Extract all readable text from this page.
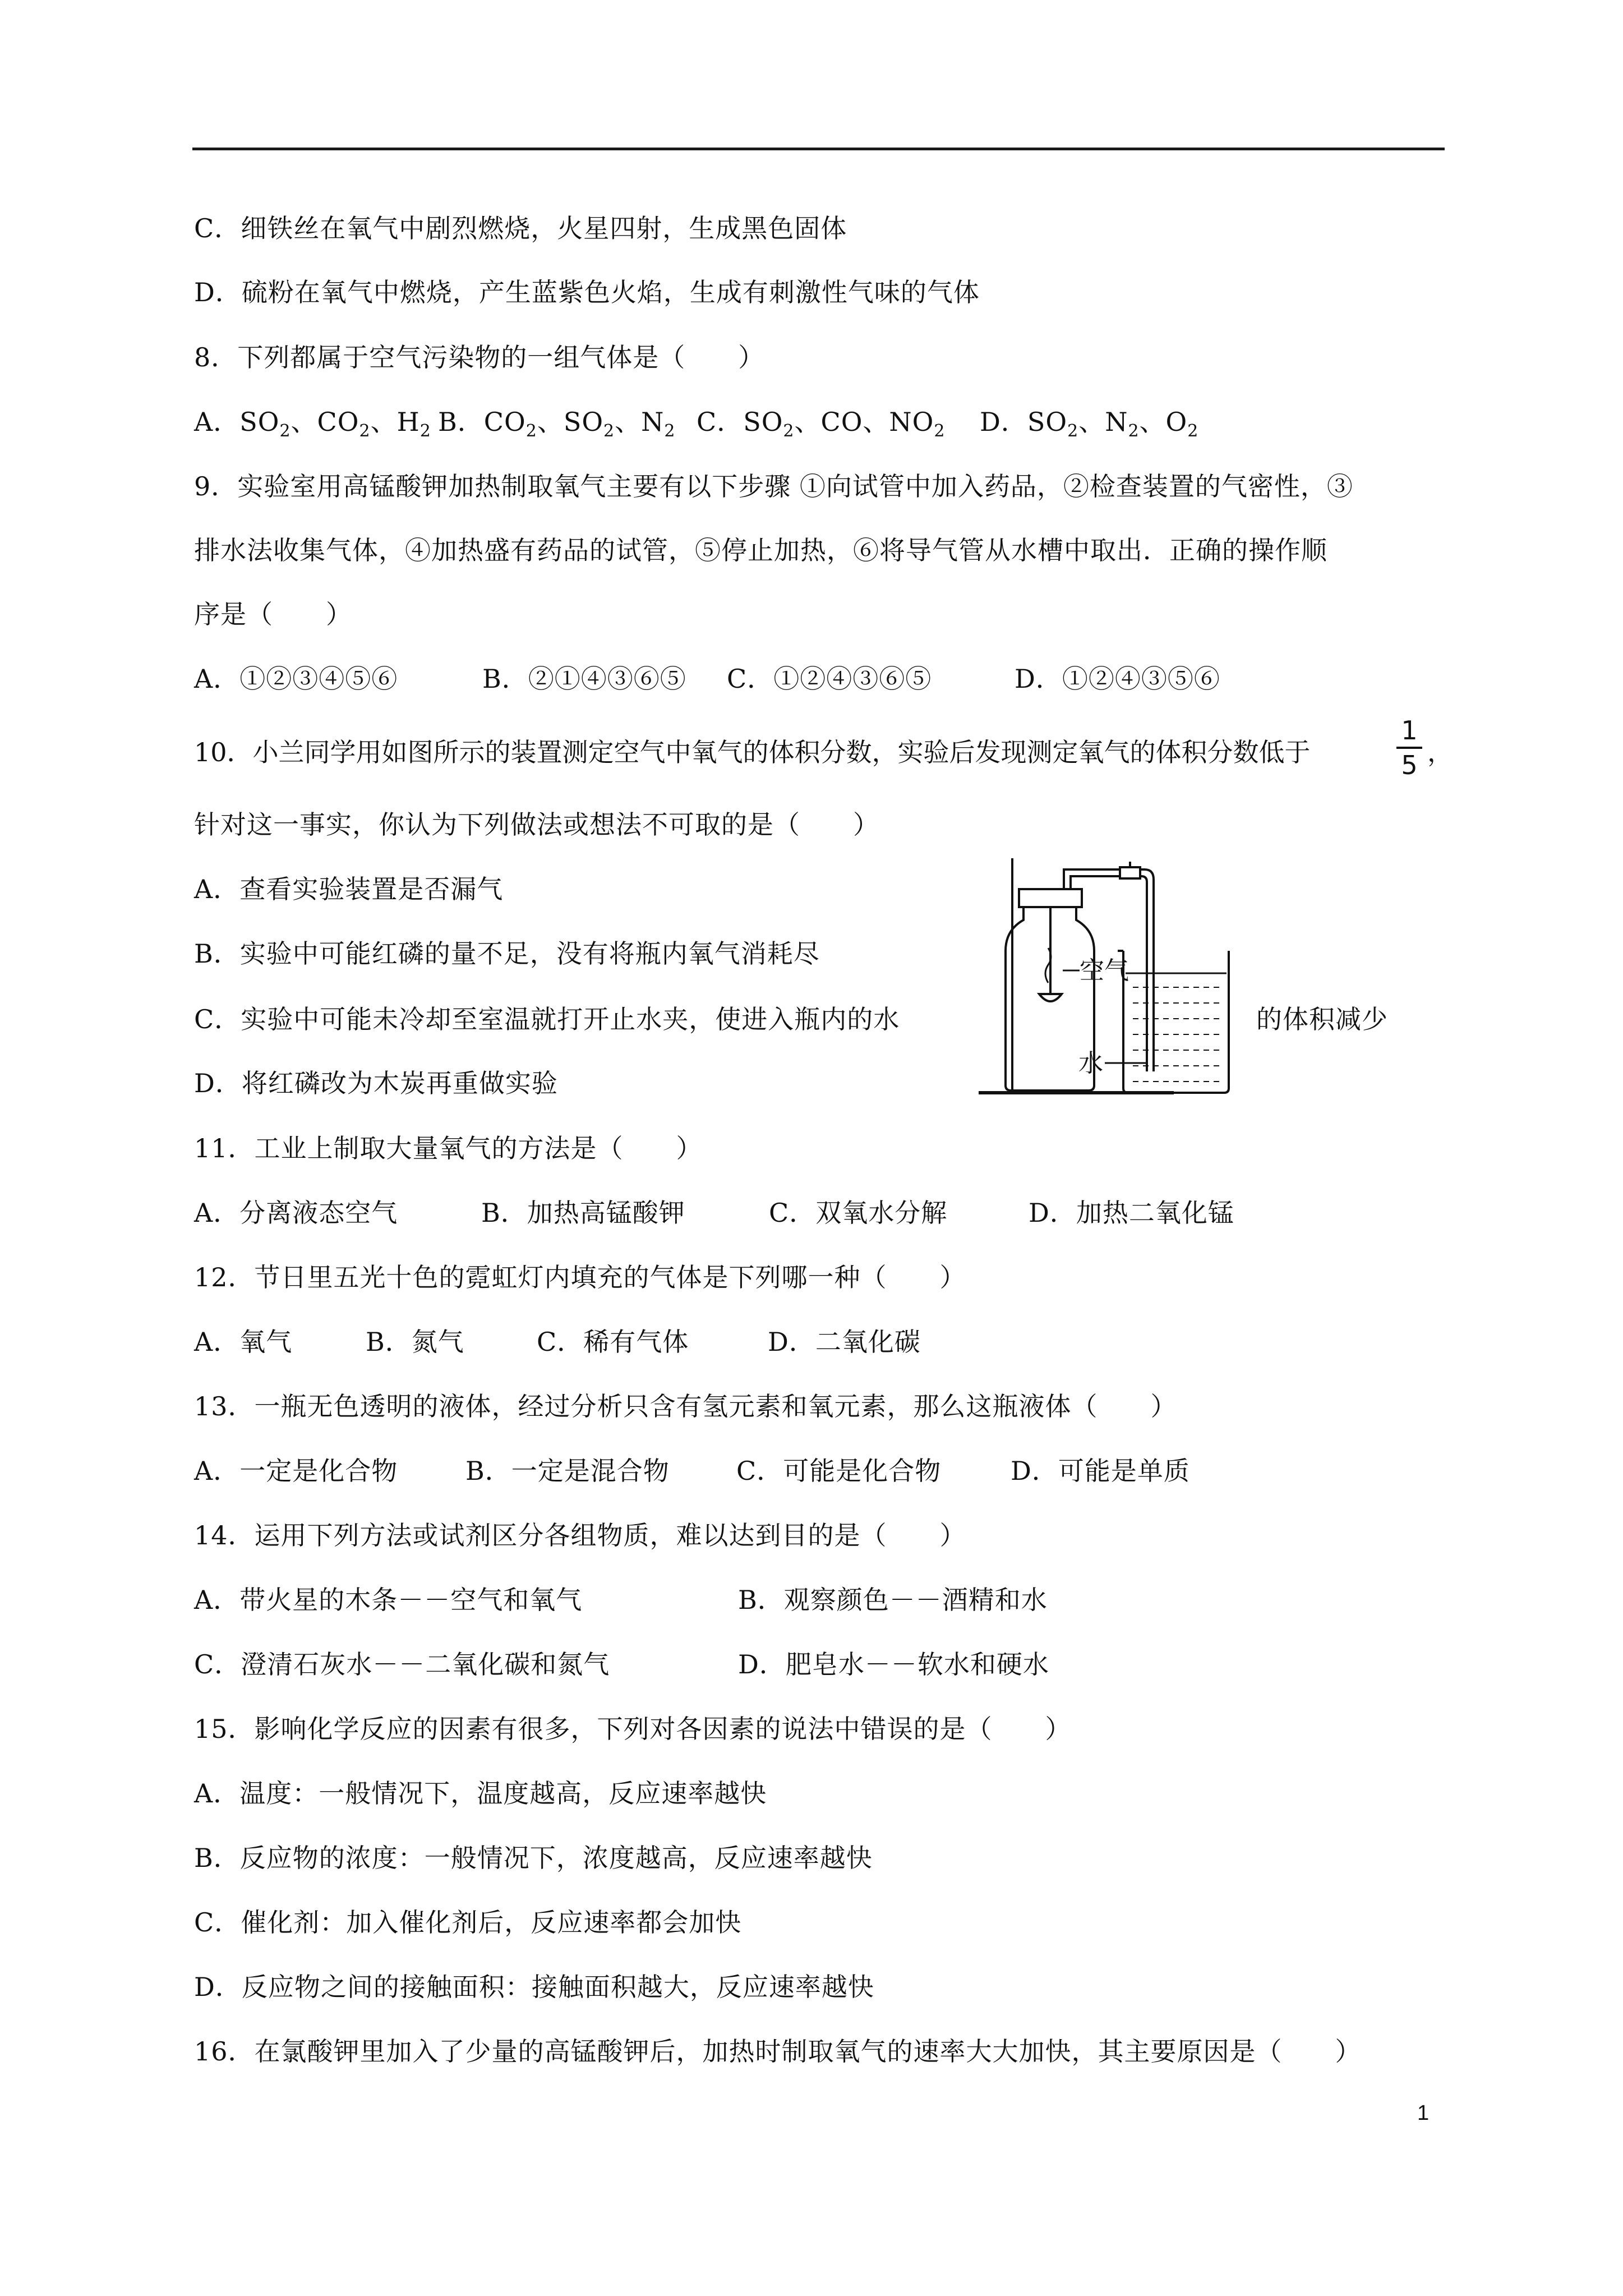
C．细铁丝在氧气中剧烈燃烧，火星四射，生成黑色固体
D．硫粉在氧气中燃烧，产生蓝紫色火焰，生成有刺激性气味的气体
8．下列都属于空气污染物的一组气体是（　　）
A．$SO_2$、$CO_2$、$H_2$ B．$CO_2$、$SO_2$、$N_2$ C．$SO_2$、CO、$NO_2$	D．$SO_2$、$N_2$、$O_2$
9．实验室用高锰酸钾加热制取氧气主要有以下步骤 ①向试管中加入药品，②检查装置的气密性，③
排水法收集气体，④加热盛有药品的试管，⑤停止加热，⑥将导气管从水槽中取出．正确的操作顺
序是（　　）
A．①②③④⑤⑥	B．②①④③⑥⑤	C．①②④③⑥⑤	D．①②④③⑤⑥
10．小兰同学用如图所示的装置测定空气中氧气的体积分数，实验后发现测定氧气的体积分数低于
1
5 ，
针对这一事实，你认为下列做法或想法不可取的是（　　）
A．查看实验装置是否漏气
B．实验中可能红磷的量不足，没有将瓶内氧气消耗尽
C．实验中可能未冷却至室温就打开止水夹，使进入瓶内的水	的体积减少
D．将红磷改为木炭再重做实验
空气
水
11．工业上制取大量氧气的方法是（　　）
A．分离液态空气	B．加热高锰酸钾	C．双氧水分解	D．加热二氧化锰
12．节日里五光十色的霓虹灯内填充的气体是下列哪一种（　　）
A．氧气	B．氮气	C．稀有气体	D．二氧化碳
13．一瓶无色透明的液体，经过分析只含有氢元素和氧元素，那么这瓶液体（　　）
A．一定是化合物	B．一定是混合物	C．可能是化合物	D．可能是单质
14．运用下列方法或试剂区分各组物质，难以达到目的是（　　）
A．带火星的木条－－空气和氧气	B．观察颜色－－酒精和水
C．澄清石灰水－－二氧化碳和氮气	D．肥皂水－－软水和硬水
15．影响化学反应的因素有很多，下列对各因素的说法中错误的是（　　）
A．温度：一般情况下，温度越高，反应速率越快
B．反应物的浓度：一般情况下，浓度越高，反应速率越快
C．催化剂：加入催化剂后，反应速率都会加快
D．反应物之间的接触面积：接触面积越大，反应速率越快
16．在氯酸钾里加入了少量的高锰酸钾后，加热时制取氧气的速率大大加快，其主要原因是（　　）
1
